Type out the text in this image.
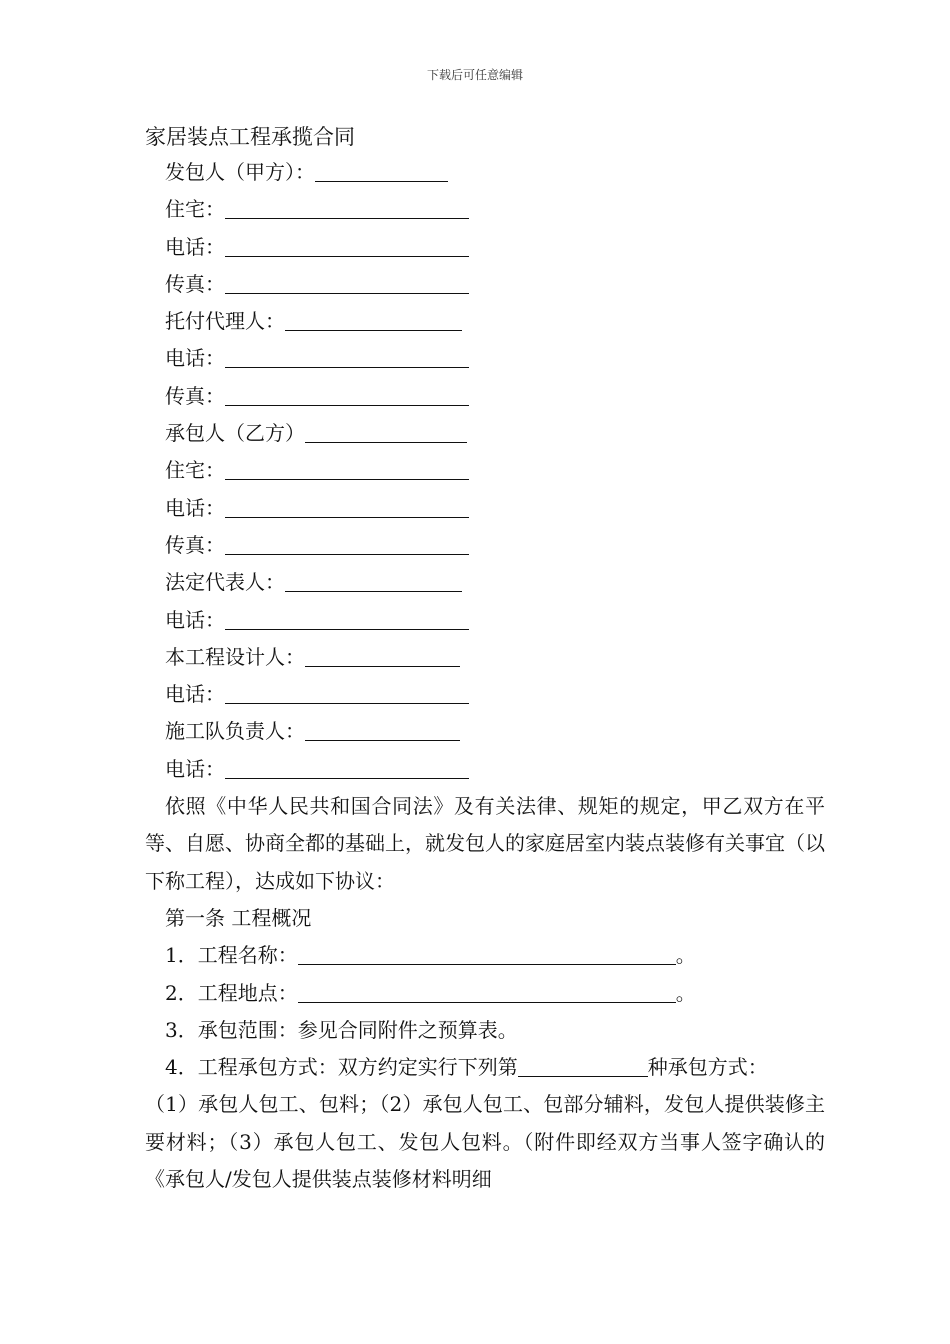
下载后可任意编辑
家居装点工程承揽合同
发包人（甲方）：
住宅：
电话：
传真：
托付代理人：
电话：
传真：
承包人（乙方）
住宅：
电话：
传真：
法定代表人：
电话：
本工程设计人：
电话：
施工队负责人：
电话：

依照《中华人民共和国合同法》及有关法律、规矩的规定，甲乙双方在平等、自愿、协商全都的基础上，就发包人的家庭居室内装点装修有关事宜（以下称工程），达成如下协议：

第一条 工程概况
1．工程名称：	。
2．工程地点：	。
3．承包范围：参见合同附件之预算表。
4．工程承包方式：双方约定实行下列第	种承包方式：

（1）承包人包工、包料；（2）承包人包工、包部分辅料，发包人提供装修主要材料；（3）承包人包工、发包人包料。（附件即经双方当事人签字确认的《承包人/发包人提供装点装修材料明细
